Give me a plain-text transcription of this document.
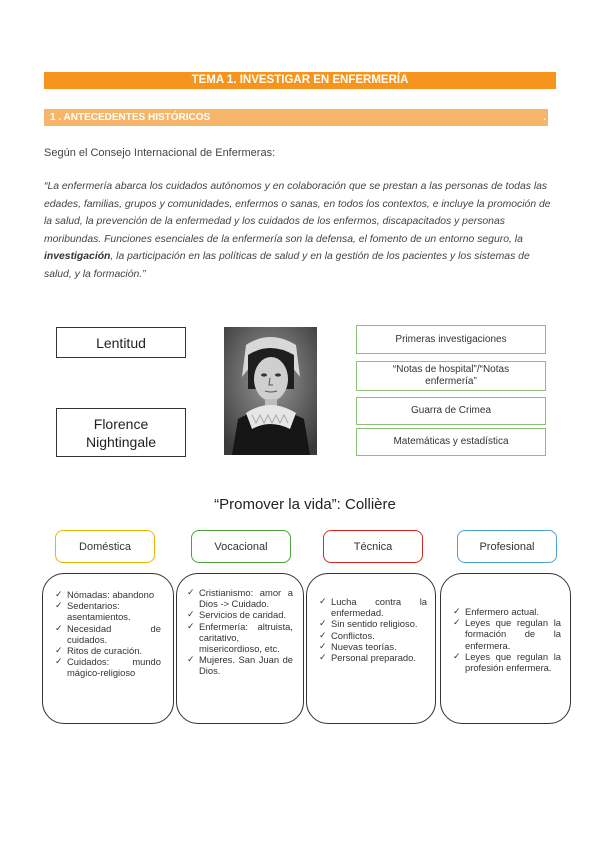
TEMA 1. INVESTIGAR EN ENFERMERÍA
1 . ANTECEDENTES HISTÓRICOS	.
Según el Consejo Internacional de Enfermeras:
“La enfermería abarca los cuidados autónomos y en colaboración que se prestan a las personas de todas las edades, familias, grupos y comunidades, enfermos o sanas, en todos los contextos, e incluye la promoción de la salud, la prevención de la enfermedad y los cuidados de los enfermos, discapacitados y personas moribundas. Funciones esenciales de la enfermería son la defensa, el fomento de un entorno seguro, la investigación, la participación en las políticas de salud y en la gestión de los pacientes y los sistemas de salud, y la formación.”
Lentitud
Florence
Nightingale
Primeras investigaciones
“Notas de hospital”/“Notas
enfermería”
Guarra de Crimea
Matemáticas y estadística
“Promover la vida”: Collière
Doméstica	Vocacional	Técnica	Profesional
✓ Nómadas: abandono
✓ Sedentarios: asentamientos.
✓ Necesidad de cuidados.
✓ Ritos de curación.
✓ Cuidados: mundo mágico-religioso
✓ Cristianismo: amor a Dios -> Cuidado.
✓ Servicios de caridad.
✓ Enfermería: altruista, caritativo, misericordioso, etc.
✓ Mujeres. San Juan de Dios.
✓ Lucha contra la enfermedad.
✓ Sin sentido religioso.
✓ Conflictos.
✓ Nuevas teorías.
✓ Personal preparado.
✓ Enfermero actual.
✓ Leyes que regulan la formación de la enfermera.
✓ Leyes que regulan la profesión enfermera.
